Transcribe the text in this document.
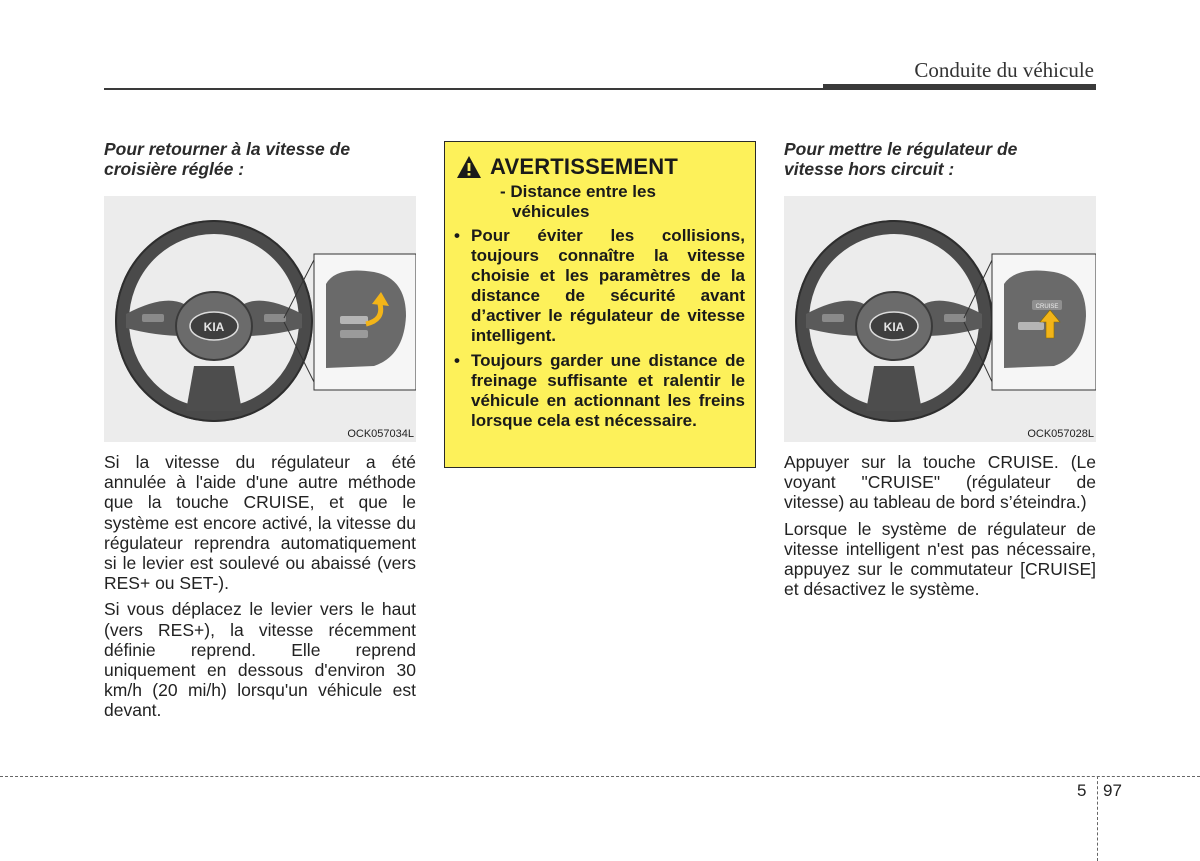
Conduite du véhicule

Pour retourner à la vitesse de
croisière réglée :

KIA
OCK057034L

Si la vitesse du régulateur a été annulée à l'aide d'une autre méthode que la touche CRUISE, et que le système est encore activé, la vitesse du régulateur reprendra automatiquement si le levier est soulevé ou abaissé (vers RES+ ou SET-).

Si vous déplacez le levier vers le haut (vers RES+), la vitesse récemment définie reprend. Elle reprend uniquement en dessous d'environ 30 km/h (20 mi/h) lorsqu'un véhicule est devant.

AVERTISSEMENT
- Distance entre les
véhicules
• Pour éviter les collisions, toujours connaître la vitesse choisie et les paramètres de la distance de sécurité avant d’activer le régulateur de vitesse intelligent.
• Toujours garder une distance de freinage suffisante et ralentir le véhicule en actionnant les freins lorsque cela est nécessaire.

Pour mettre le régulateur de
vitesse hors circuit :

KIA
CRUISE
OCK057028L

Appuyer sur la touche CRUISE. (Le voyant "CRUISE" (régulateur de vitesse) au tableau de bord s’éteindra.)

Lorsque le système de régulateur de vitesse intelligent n'est pas nécessaire, appuyez sur le commutateur [CRUISE] et désactivez le système.

5 97
